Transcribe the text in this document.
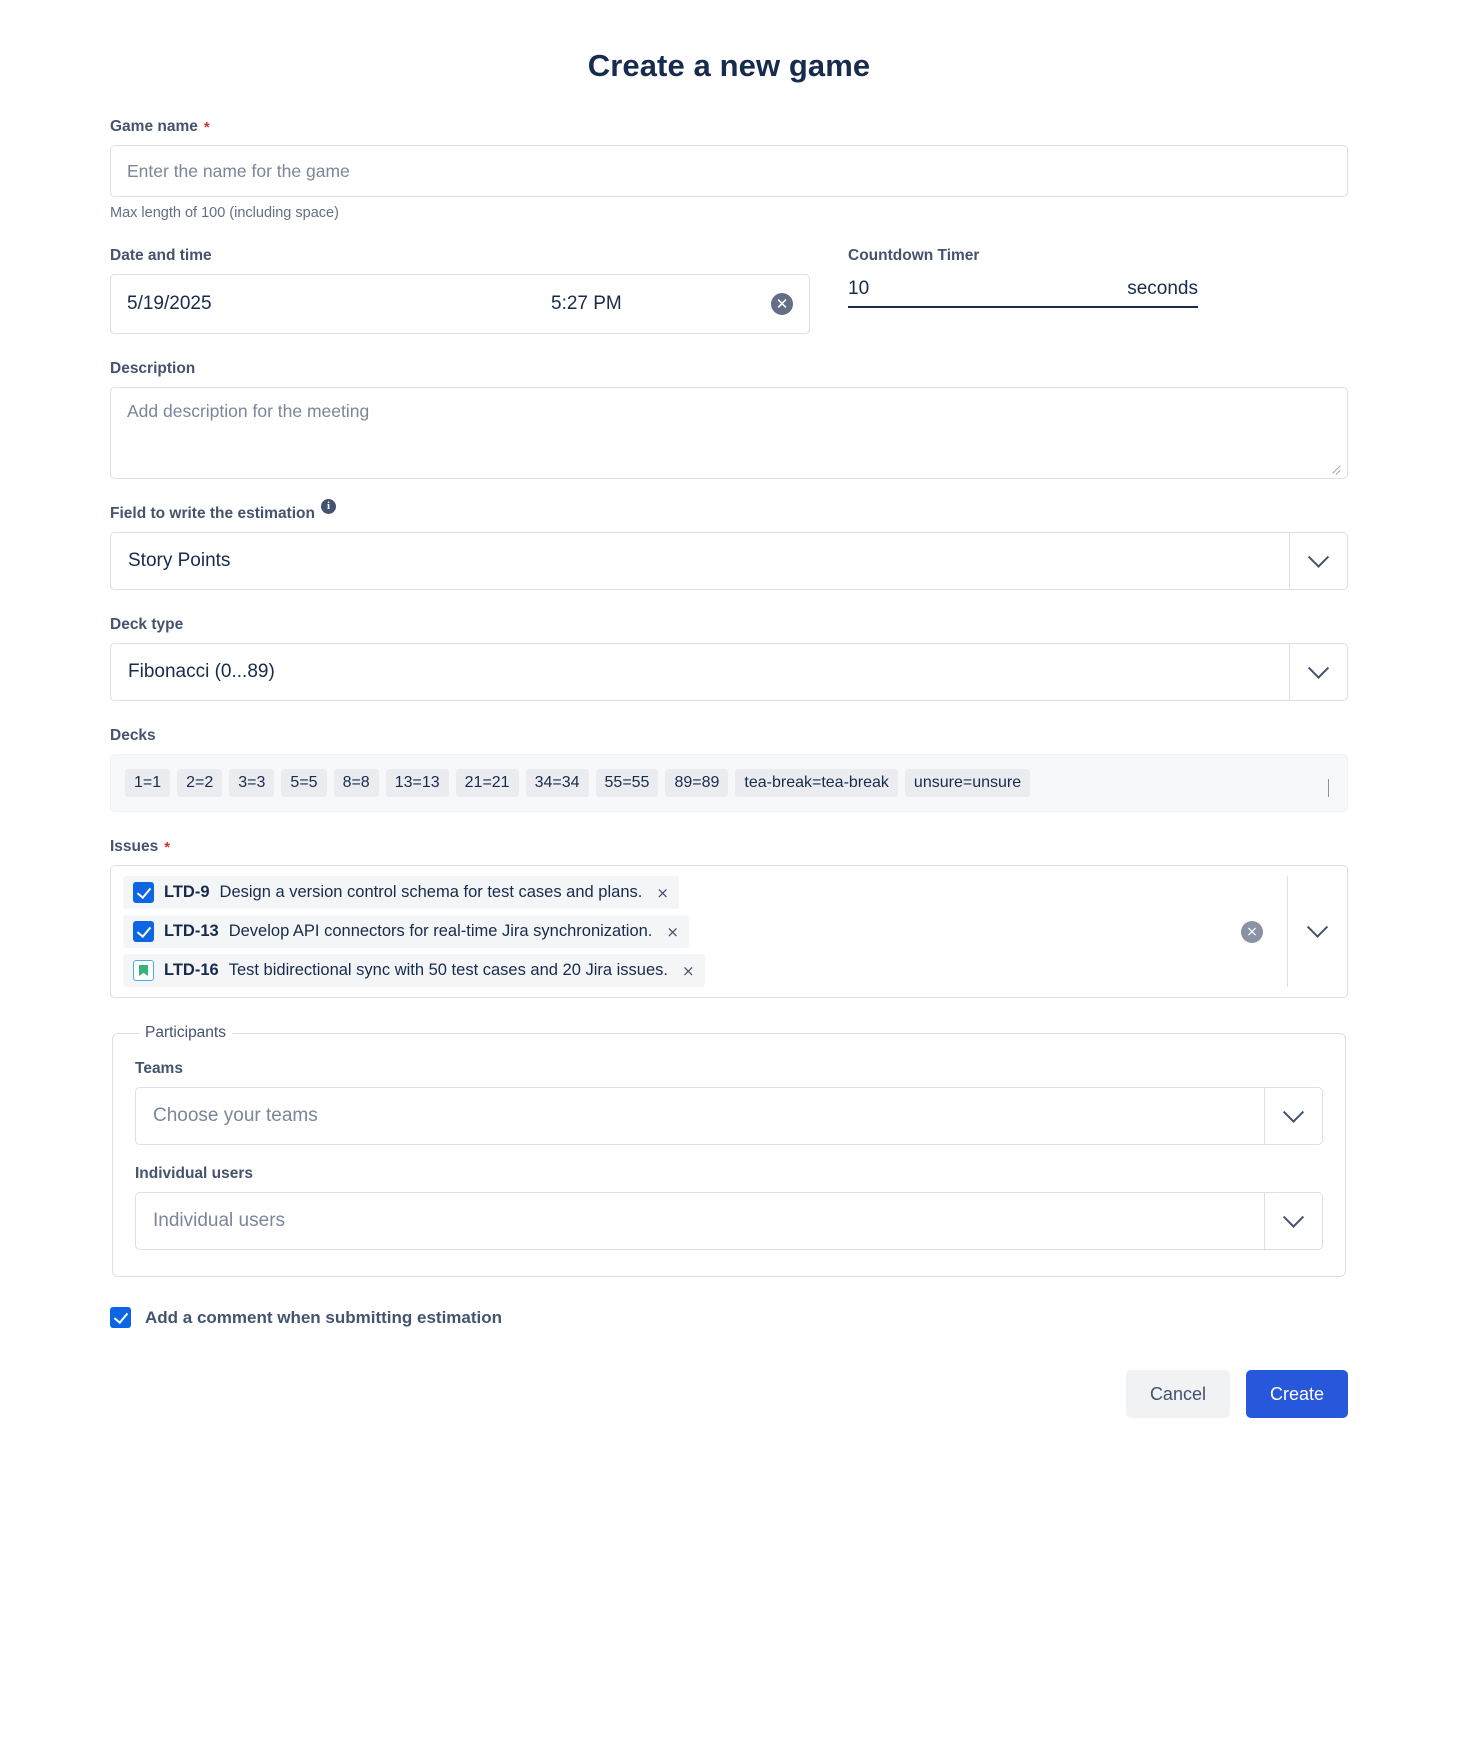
Create a new game
Game name *
Enter the name for the game
Max length of 100 (including space)
Date and time
5/19/2025	5:27 PM	✕
Countdown Timer
10	seconds
Description
Add description for the meeting
Field to write the estimation	i
Story Points
Deck type
Fibonacci (0...89)
Decks
1=1	2=2	3=3	5=5	8=8	13=13	21=21	34=34	55=55	89=89	tea-break=tea-break	unsure=unsure
Issues *
LTD-9 Design a version control schema for test cases and plans. ×
LTD-13 Develop API connectors for real-time Jira synchronization. ×
LTD-16 Test bidirectional sync with 50 test cases and 20 Jira issues. ×
×
Participants
Teams
Choose your teams
Individual users
Individual users
Add a comment when submitting estimation
Cancel	Create
